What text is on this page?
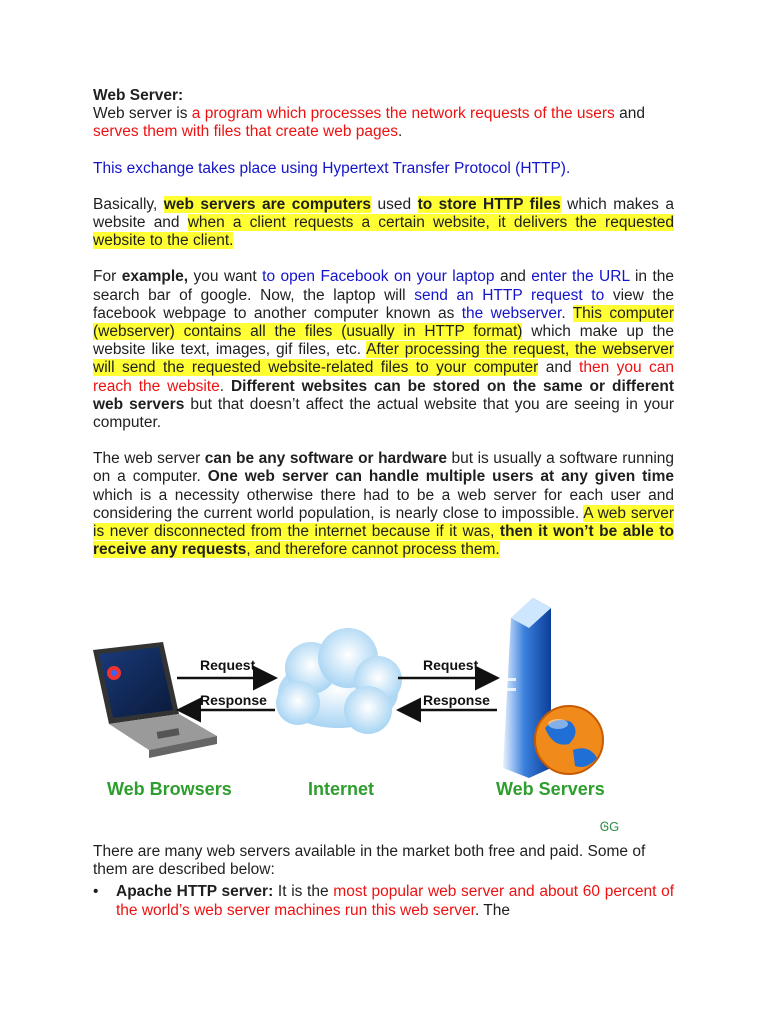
Web Server:

Web server is a program which processes the network requests of the users and serves them with files that create web pages.

This exchange takes place using Hypertext Transfer Protocol (HTTP).

Basically, web servers are computers used to store HTTP files which makes a website and when a client requests a certain website, it delivers the requested website to the client.

For example, you want to open Facebook on your laptop and enter the URL in the search bar of google. Now, the laptop will send an HTTP request to view the facebook webpage to another computer known as the webserver. This computer (webserver) contains all the files (usually in HTTP format) which make up the website like text, images, gif files, etc. After processing the request, the webserver will send the requested website-related files to your computer and then you can reach the website. Different websites can be stored on the same or different web servers but that doesn’t affect the actual website that you are seeing in your computer.

The web server can be any software or hardware but is usually a software running on a computer. One web server can handle multiple users at any given time which is a necessity otherwise there had to be a web server for each user and considering the current world population, is nearly close to impossible. A web server is never disconnected from the internet because if it was, then it won’t be able to receive any requests, and therefore cannot process them.

Request
Response
Request
Response
Web Browsers	Internet	Web Servers
ᎶG

There are many web servers available in the market both free and paid. Some of them are described below:

• Apache HTTP server: It is the most popular web server and about 60 percent of the world’s web server machines run this web server. The
